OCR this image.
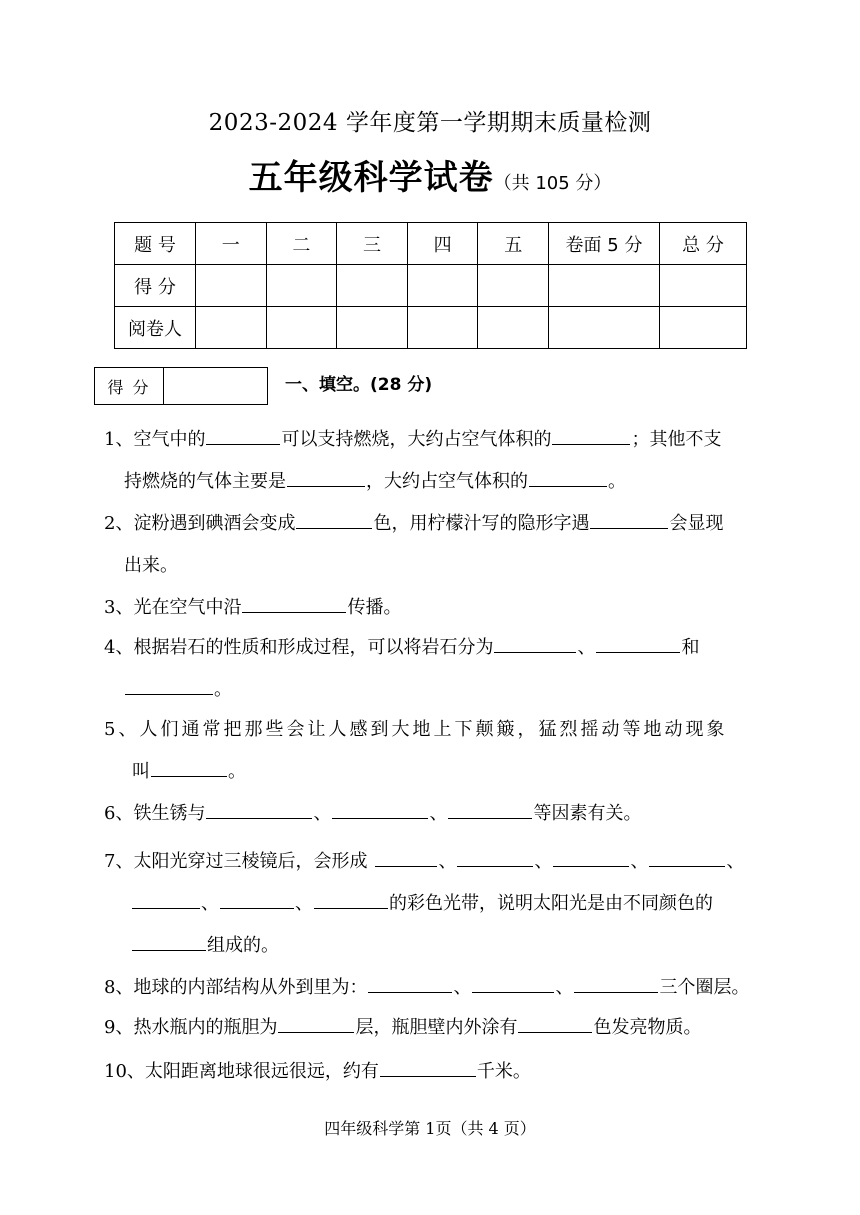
2023-2024 学年度第一学期期末质量检测
五年级科学试卷（共 105 分）
题 号	一	二	三	四	五	卷面 5 分	总 分
得 分							
阅卷人							
得 分	一、填空。(28 分)
1、空气中的	可以支持燃烧，大约占空气体积的	；其他不支
持燃烧的气体主要是	，大约占空气体积的	。
2、淀粉遇到碘酒会变成	色，用柠檬汁写的隐形字遇	会显现
出来。
3、光在空气中沿	传播。
4、根据岩石的性质和形成过程，可以将岩石分为	、	和
。
5、人们通常把那些会让人感到大地上下颠簸，猛烈摇动等地动现象
叫	。
6、铁生锈与	、	、	等因素有关。
7、太阳光穿过三棱镜后，会形成	、	、	、	、
、	、	的彩色光带，说明太阳光是由不同颜色的
组成的。
8、地球的内部结构从外到里为：	、	、	三个圈层。
9、热水瓶内的瓶胆为	层，瓶胆壁内外涂有	色发亮物质。
10、太阳距离地球很远很远，约有	千米。
四年级科学第 1页（共 4 页）
